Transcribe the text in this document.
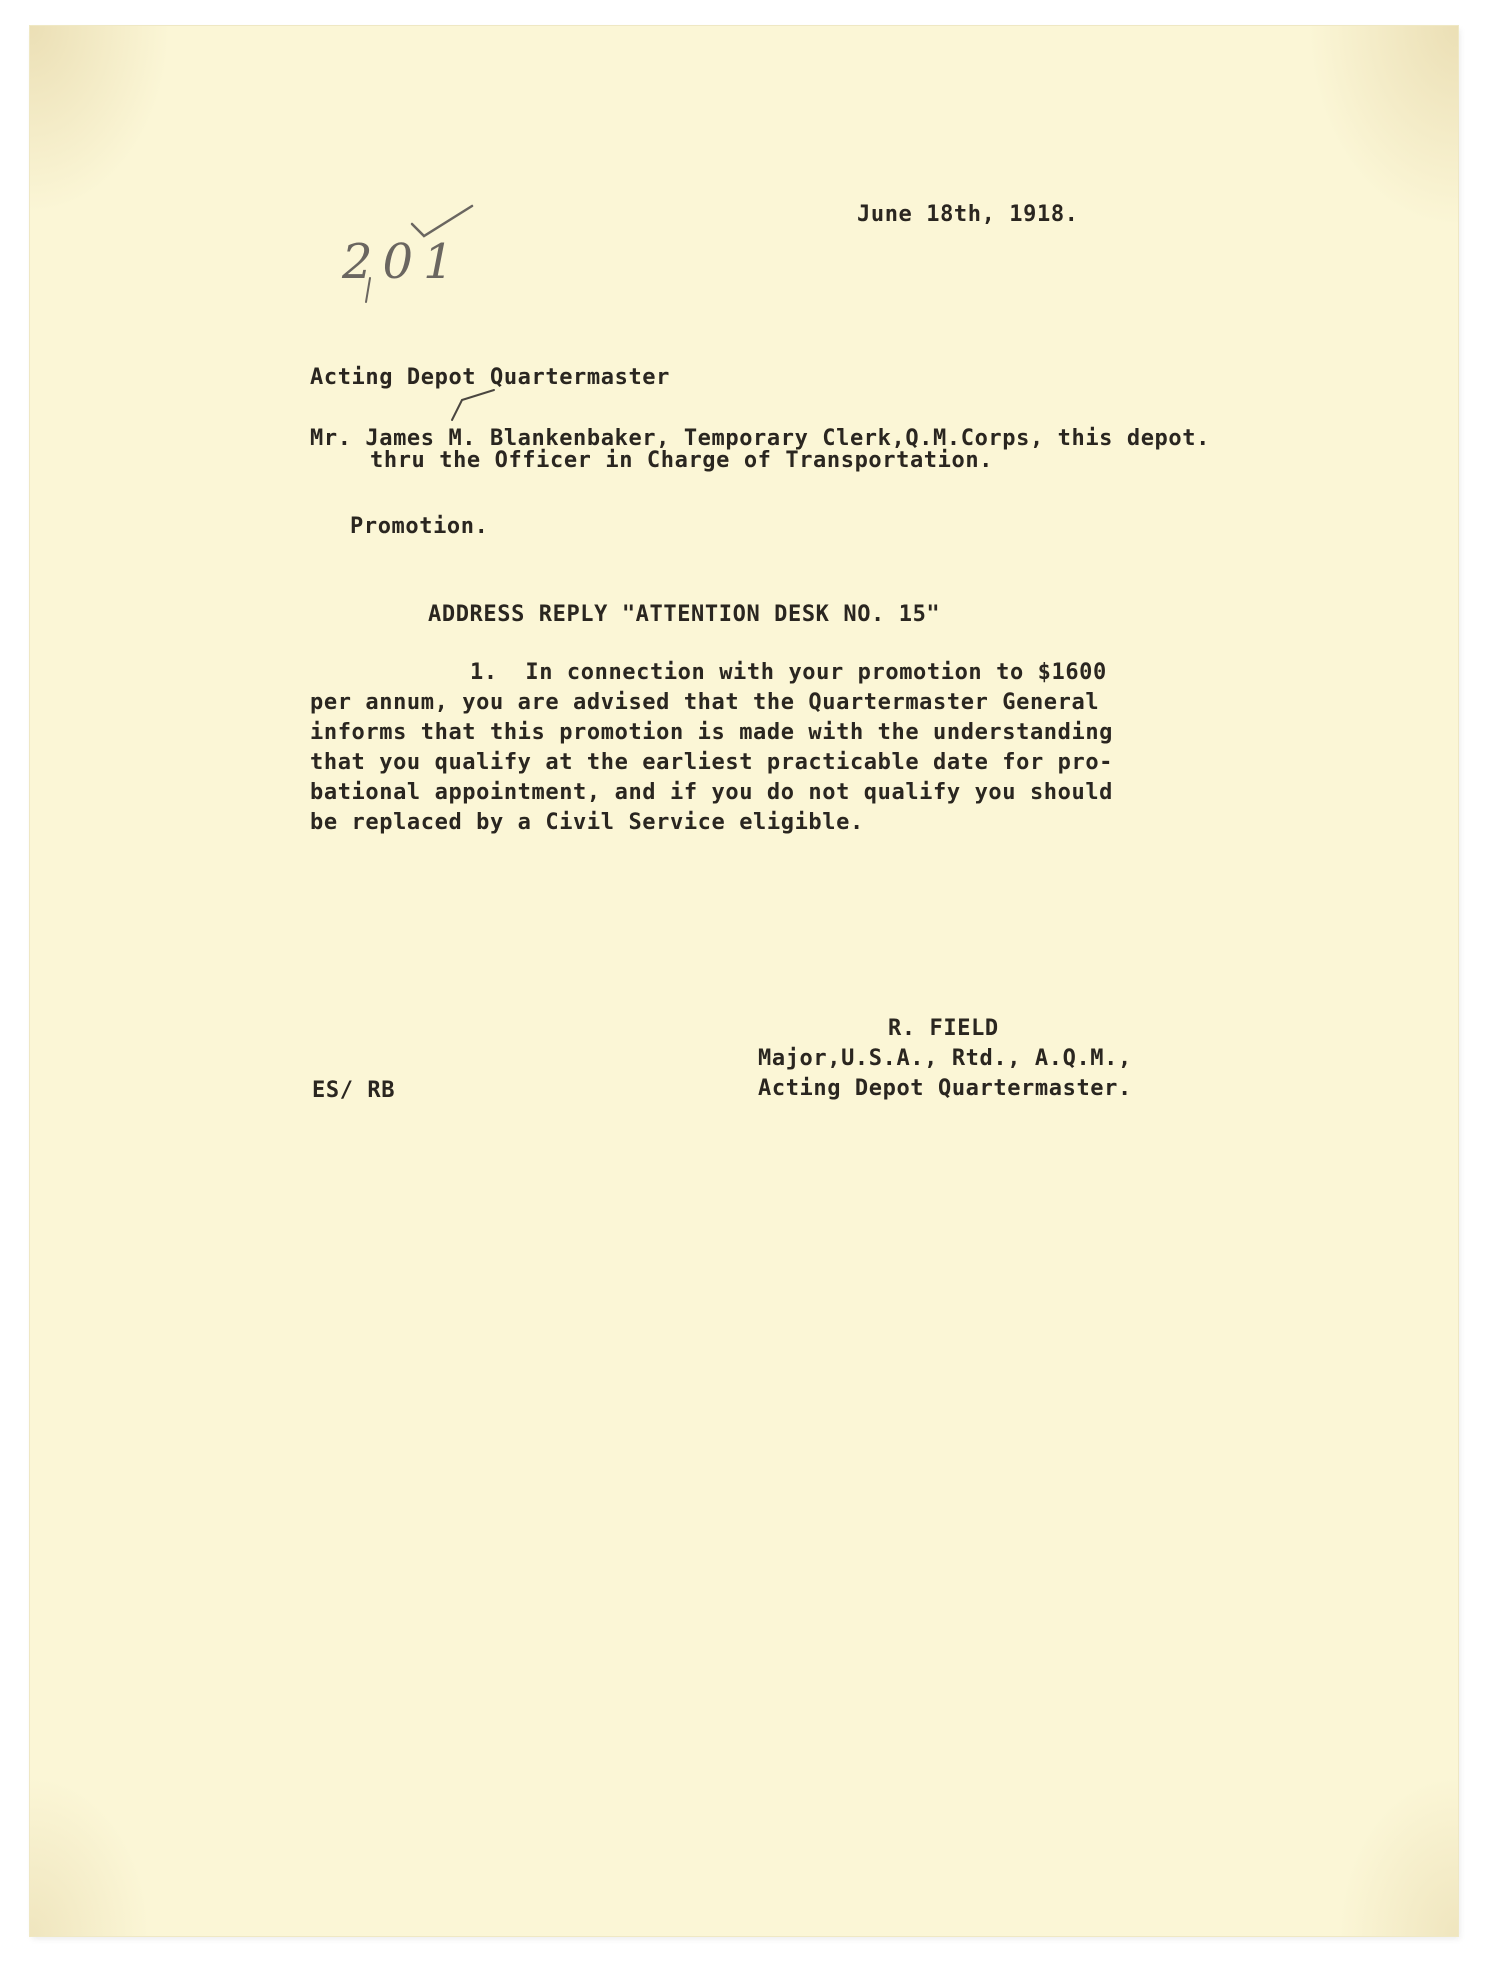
201
June 18th, 1918.
Acting Depot Quartermaster
Mr. James M. Blankenbaker, Temporary Clerk,Q.M.Corps, this depot.
thru the Officer in Charge of Transportation.
Promotion.
ADDRESS REPLY "ATTENTION DESK NO. 15"
1.  In connection with your promotion to $1600
per annum, you are advised that the Quartermaster General
informs that this promotion is made with the understanding
that you qualify at the earliest practicable date for pro-
bational appointment, and if you do not qualify you should
be replaced by a Civil Service eligible.
R. FIELD
Major,U.S.A., Rtd., A.Q.M.,
Acting Depot Quartermaster.
ES/ RB
